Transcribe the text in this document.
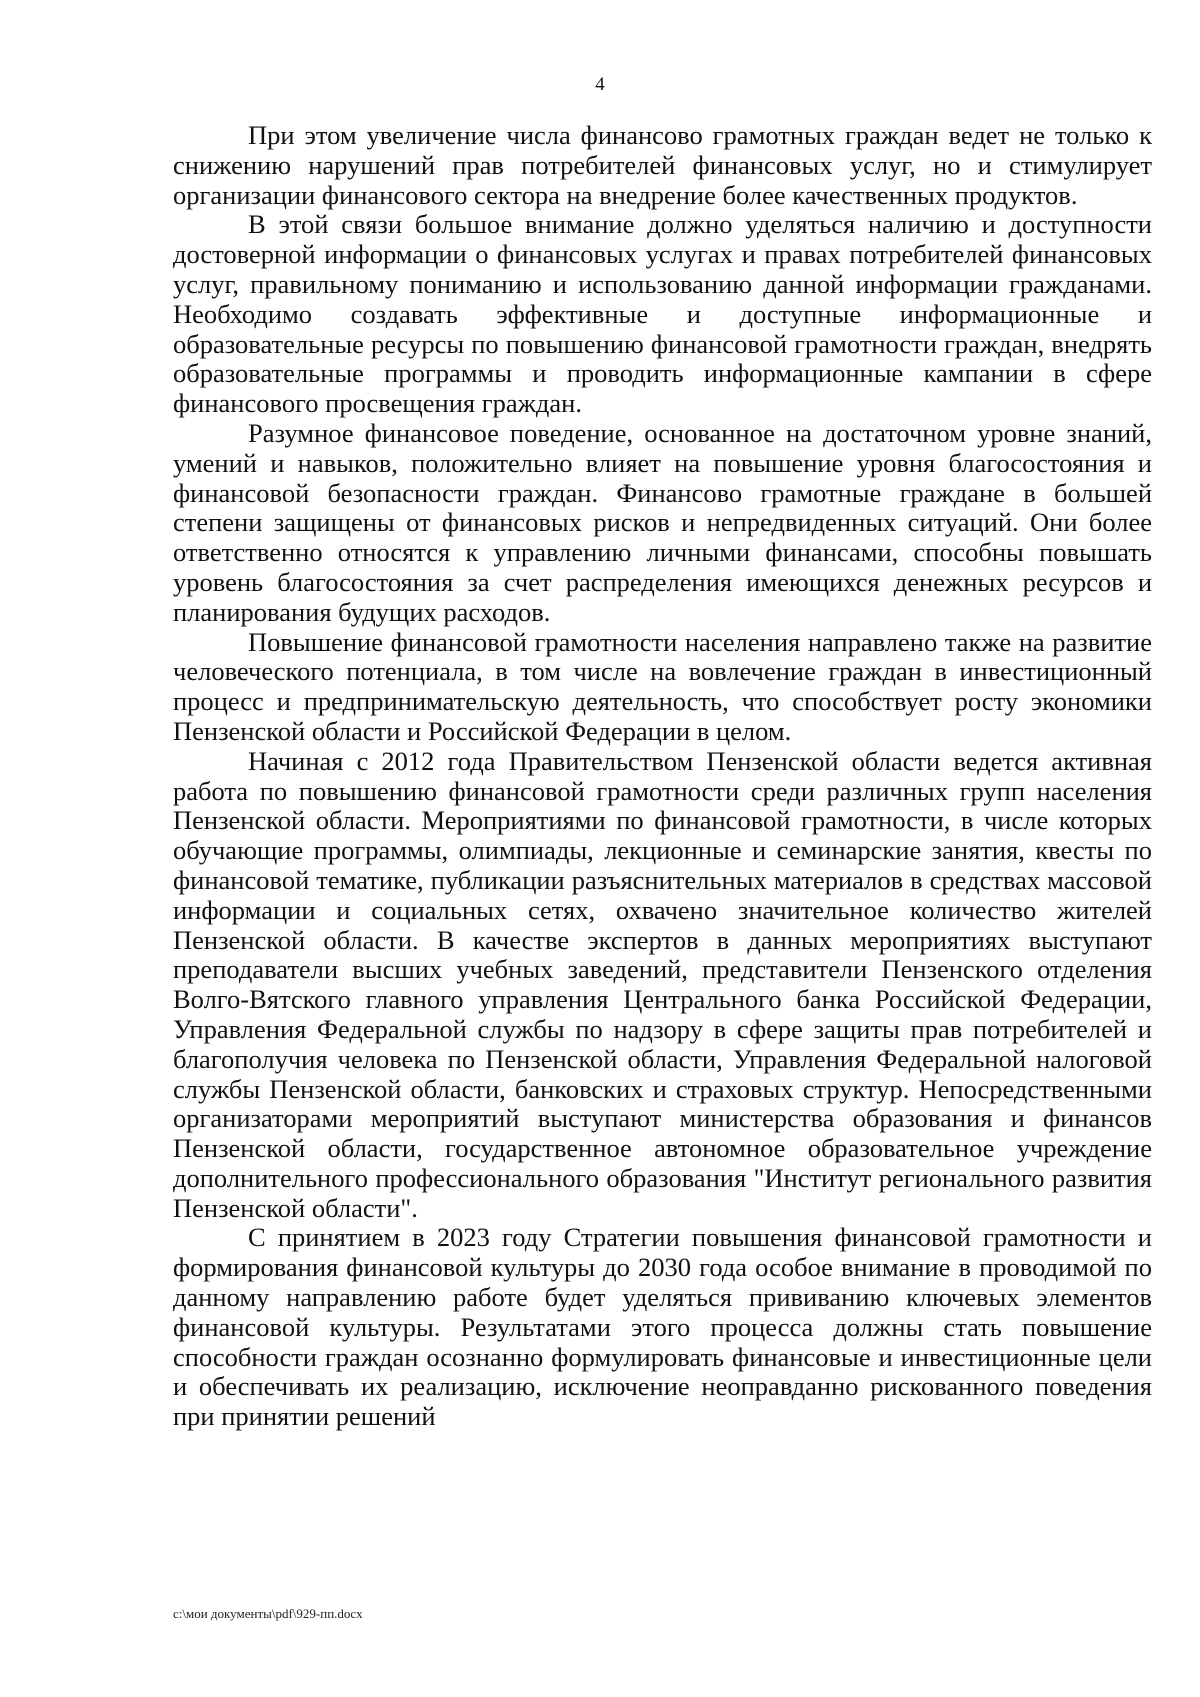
4

При этом увеличение числа финансово грамотных граждан ведет не только к снижению нарушений прав потребителей финансовых услуг, но и стимулирует организации финансового сектора на внедрение более качественных продуктов.

В этой связи большое внимание должно уделяться наличию и доступности достоверной информации о финансовых услугах и правах потребителей финансовых услуг, правильному пониманию и использованию данной информации гражданами. Необходимо создавать эффективные и доступные информационные и образовательные ресурсы по повышению финансовой грамотности граждан, внедрять образовательные программы и проводить информационные кампании в сфере финансового просвещения граждан.

Разумное финансовое поведение, основанное на достаточном уровне знаний, умений и навыков, положительно влияет на повышение уровня благосостояния и финансовой безопасности граждан. Финансово грамотные граждане в большей степени защищены от финансовых рисков и непредвиденных ситуаций. Они более ответственно относятся к управлению личными финансами, способны повышать уровень благосостояния за счет распределения имеющихся денежных ресурсов и планирования будущих расходов.

Повышение финансовой грамотности населения направлено также на развитие человеческого потенциала, в том числе на вовлечение граждан в инвестиционный процесс и предпринимательскую деятельность, что способствует росту экономики Пензенской области и Российской Федерации в целом.

Начиная с 2012 года Правительством Пензенской области ведется активная работа по повышению финансовой грамотности среди различных групп населения Пензенской области. Мероприятиями по финансовой грамотности, в числе которых обучающие программы, олимпиады, лекционные и семинарские занятия, квесты по финансовой тематике, публикации разъяснительных материалов в средствах массовой информации и социальных сетях, охвачено значительное количество жителей Пензенской области. В качестве экспертов в данных мероприятиях выступают преподаватели высших учебных заведений, представители Пензенского отделения Волго-Вятского главного управления Центрального банка Российской Федерации, Управления Федеральной службы по надзору в сфере защиты прав потребителей и благополучия человека по Пензенской области, Управления Федеральной налоговой службы Пензенской области, банковских и страховых структур. Непосредственными организаторами мероприятий выступают министерства образования и финансов Пензенской области, государственное автономное образовательное учреждение дополнительного профессионального образования "Институт регионального развития Пензенской области".

С принятием в 2023 году Стратегии повышения финансовой грамотности и формирования финансовой культуры до 2030 года особое внимание в проводимой по данному направлению работе будет уделяться прививанию ключевых элементов финансовой культуры. Результатами этого процесса должны стать повышение способности граждан осознанно формулировать финансовые и инвестиционные цели и обеспечивать их реализацию, исключение неоправданно рискованного поведения при принятии решений

c:\мои документы\pdf\929-пп.docx
